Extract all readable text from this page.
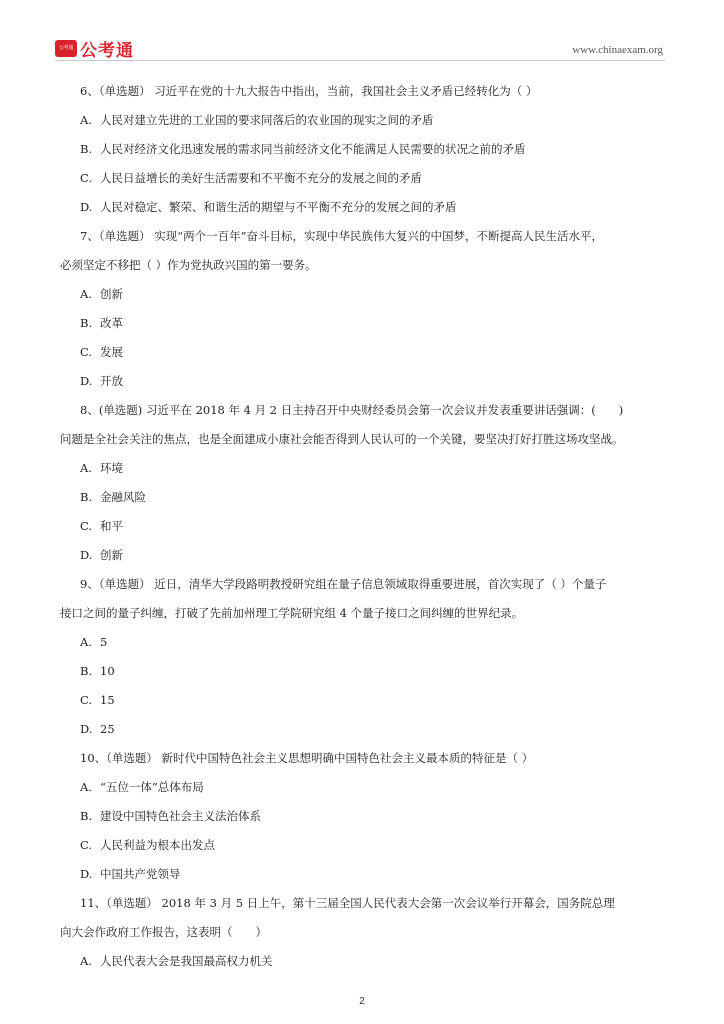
公考通 公考通	www.chinaexam.org

6、（单选题） 习近平在党的十九大报告中指出，当前，我国社会主义矛盾已经转化为（ ）

A. 人民对建立先进的工业国的要求同落后的农业国的现实之间的矛盾

B. 人民对经济文化迅速发展的需求同当前经济文化不能满足人民需要的状况之前的矛盾

C. 人民日益增长的美好生活需要和不平衡不充分的发展之间的矛盾

D. 人民对稳定、繁荣、和谐生活的期望与不平衡不充分的发展之间的矛盾

7、（单选题） 实现“两个一百年”奋斗目标，实现中华民族伟大复兴的中国梦，不断提高人民生活水平，

必须坚定不移把（ ）作为党执政兴国的第一要务。

A. 创新

B. 改革

C. 发展

D. 开放

8、(单选题) 习近平在 2018 年 4 月 2 日主持召开中央财经委员会第一次会议并发表重要讲话强调：(　　)

问题是全社会关注的焦点，也是全面建成小康社会能否得到人民认可的一个关键，要坚决打好打胜这场攻坚战。

A. 环境

B. 金融风险

C. 和平

D. 创新

9、（单选题） 近日，清华大学段路明教授研究组在量子信息领域取得重要进展，首次实现了（ ）个量子

接口之间的量子纠缠，打破了先前加州理工学院研究组 4 个量子接口之间纠缠的世界纪录。

A. 5

B. 10

C. 15

D. 25

10、（单选题） 新时代中国特色社会主义思想明确中国特色社会主义最本质的特征是（ ）

A. “五位一体”总体布局

B. 建设中国特色社会主义法治体系

C. 人民利益为根本出发点

D. 中国共产党领导

11、（单选题） 2018 年 3 月 5 日上午，第十三届全国人民代表大会第一次会议举行开幕会，国务院总理

向大会作政府工作报告，这表明（　　）

A. 人民代表大会是我国最高权力机关

2
